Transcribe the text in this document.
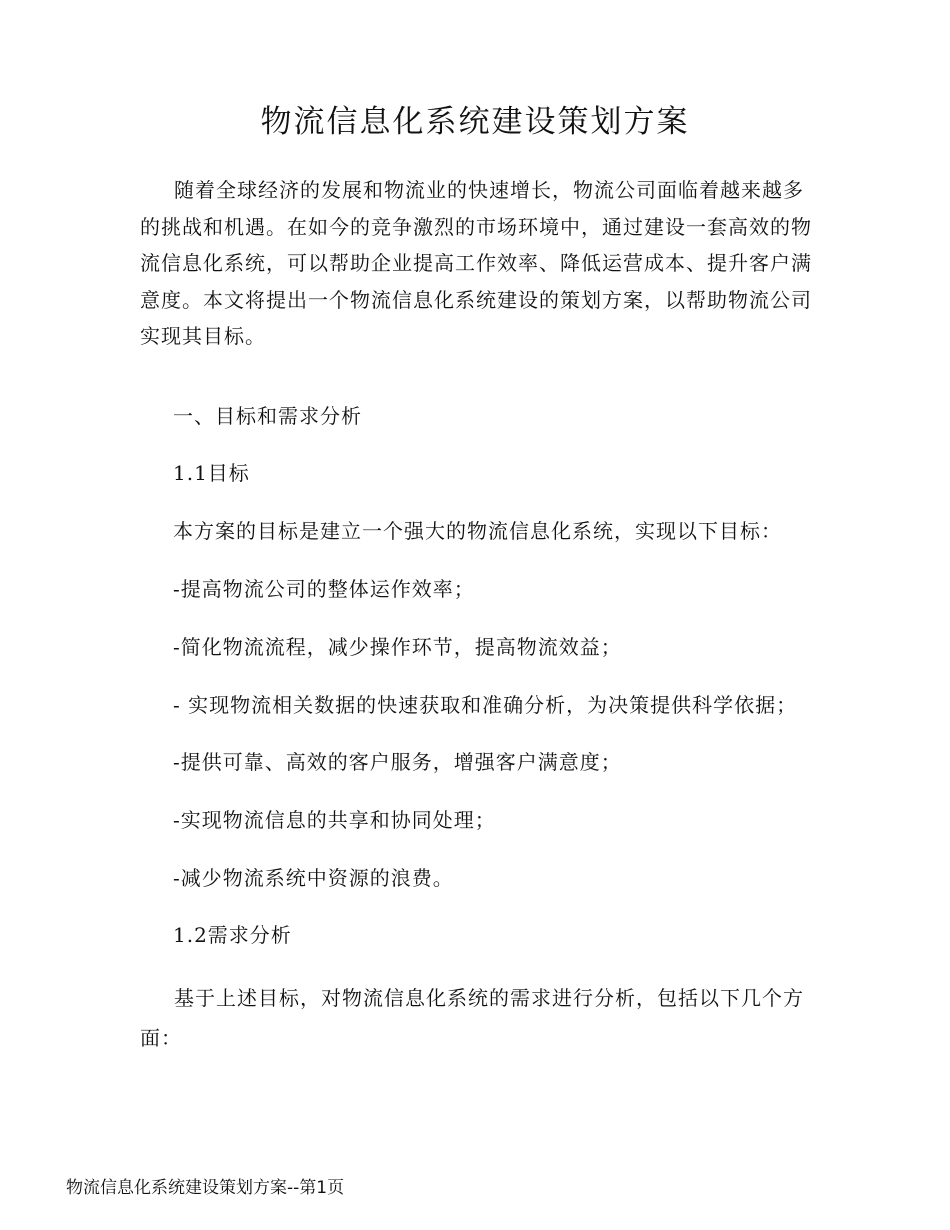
物流信息化系统建设策划方案

随着全球经济的发展和物流业的快速增长，物流公司面临着越来越多的挑战和机遇。在如今的竞争激烈的市场环境中，通过建设一套高效的物流信息化系统，可以帮助企业提高工作效率、降低运营成本、提升客户满意度。本文将提出一个物流信息化系统建设的策划方案，以帮助物流公司实现其目标。

一、目标和需求分析
1.1目标
本方案的目标是建立一个强大的物流信息化系统，实现以下目标：
-提高物流公司的整体运作效率；
-简化物流流程，减少操作环节，提高物流效益；
- 实现物流相关数据的快速获取和准确分析，为决策提供科学依据；
-提供可靠、高效的客户服务，增强客户满意度；
-实现物流信息的共享和协同处理；
-减少物流系统中资源的浪费。
1.2需求分析

基于上述目标，对物流信息化系统的需求进行分析，包括以下几个方面：

物流信息化系统建设策划方案--第1页
